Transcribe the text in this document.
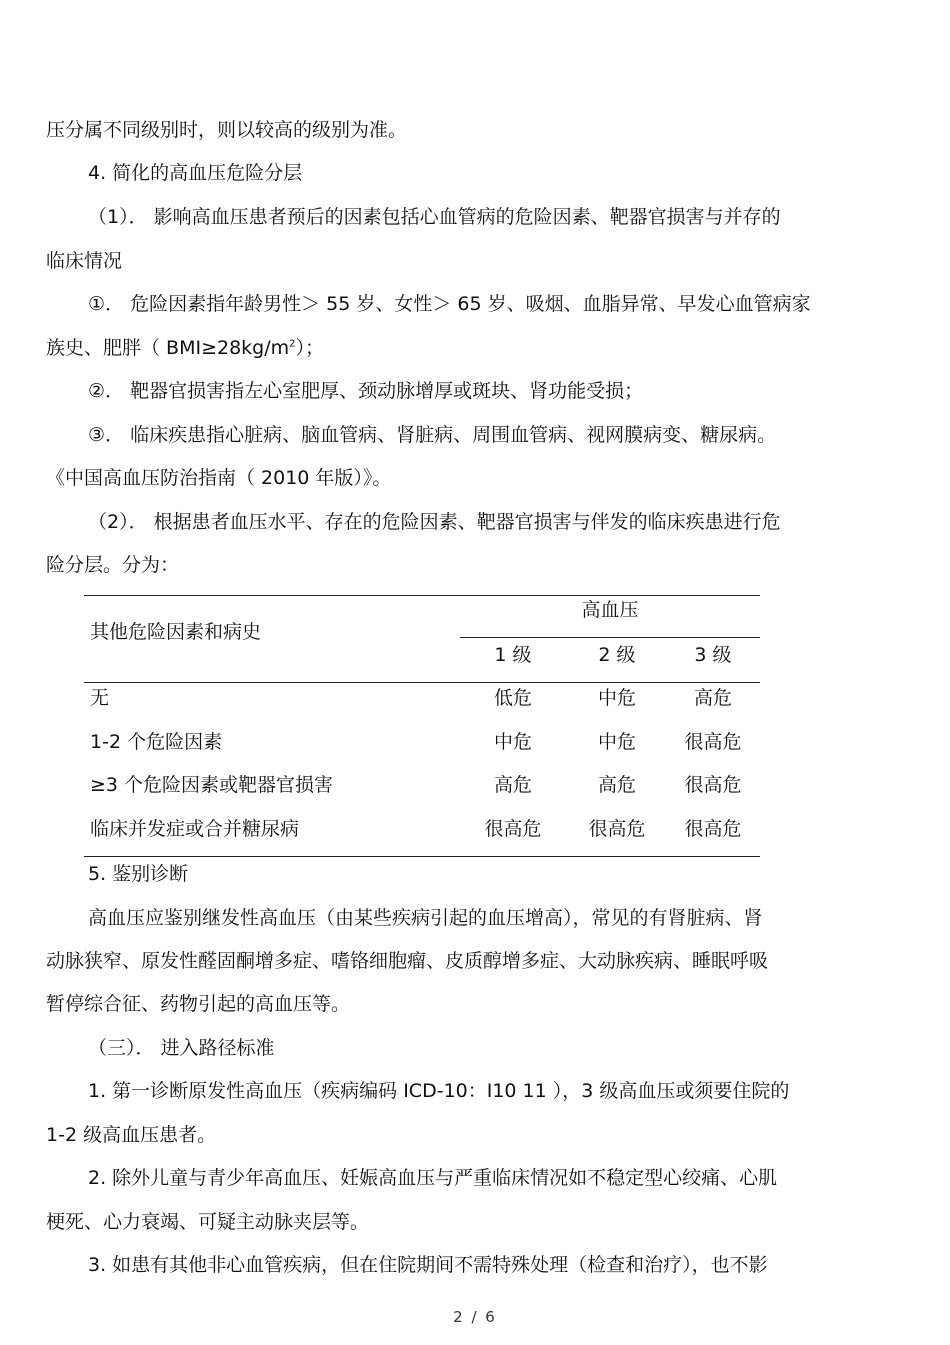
压分属不同级别时，则以较高的级别为准。
4. 简化的高血压危险分层
（1）． 影响高血压患者预后的因素包括心血管病的危险因素、靶器官损害与并存的
临床情况
①． 危险因素指年龄男性＞ 55 岁、女性＞ 65 岁、吸烟、血脂异常、早发心血管病家
族史、肥胖（ $BMI\ge 28kg/m^2$）；
②． 靶器官损害指左心室肥厚、颈动脉增厚或斑块、肾功能受损；
③． 临床疾患指心脏病、脑血管病、肾脏病、周围血管病、视网膜病变、糖尿病。
《中国高血压防治指南（ 2010 年版）》。
（2）． 根据患者血压水平、存在的危险因素、靶器官损害与伴发的临床疾患进行危
险分层。分为：
其他危险因素和病史
高血压
1 级	2 级	3 级
无	低危	中危	高危
1-2 个危险因素	中危	中危	很高危
≥3 个危险因素或靶器官损害	高危	高危	很高危
临床并发症或合并糖尿病	很高危	很高危	很高危
5. 鉴别诊断
高血压应鉴别继发性高血压（由某些疾病引起的血压增高），常见的有肾脏病、肾
动脉狭窄、原发性醛固酮增多症、嗜铬细胞瘤、皮质醇增多症、大动脉疾病、睡眠呼吸
暂停综合征、药物引起的高血压等。
（三）． 进入路径标准
1. 第一诊断原发性高血压（疾病编码 ICD-10：I10 11 ），3 级高血压或须要住院的
1-2 级高血压患者。
2. 除外儿童与青少年高血压、妊娠高血压与严重临床情况如不稳定型心绞痛、心肌
梗死、心力衰竭、可疑主动脉夹层等。
3. 如患有其他非心血管疾病，但在住院期间不需特殊处理（检查和治疗），也不影
2 / 6
